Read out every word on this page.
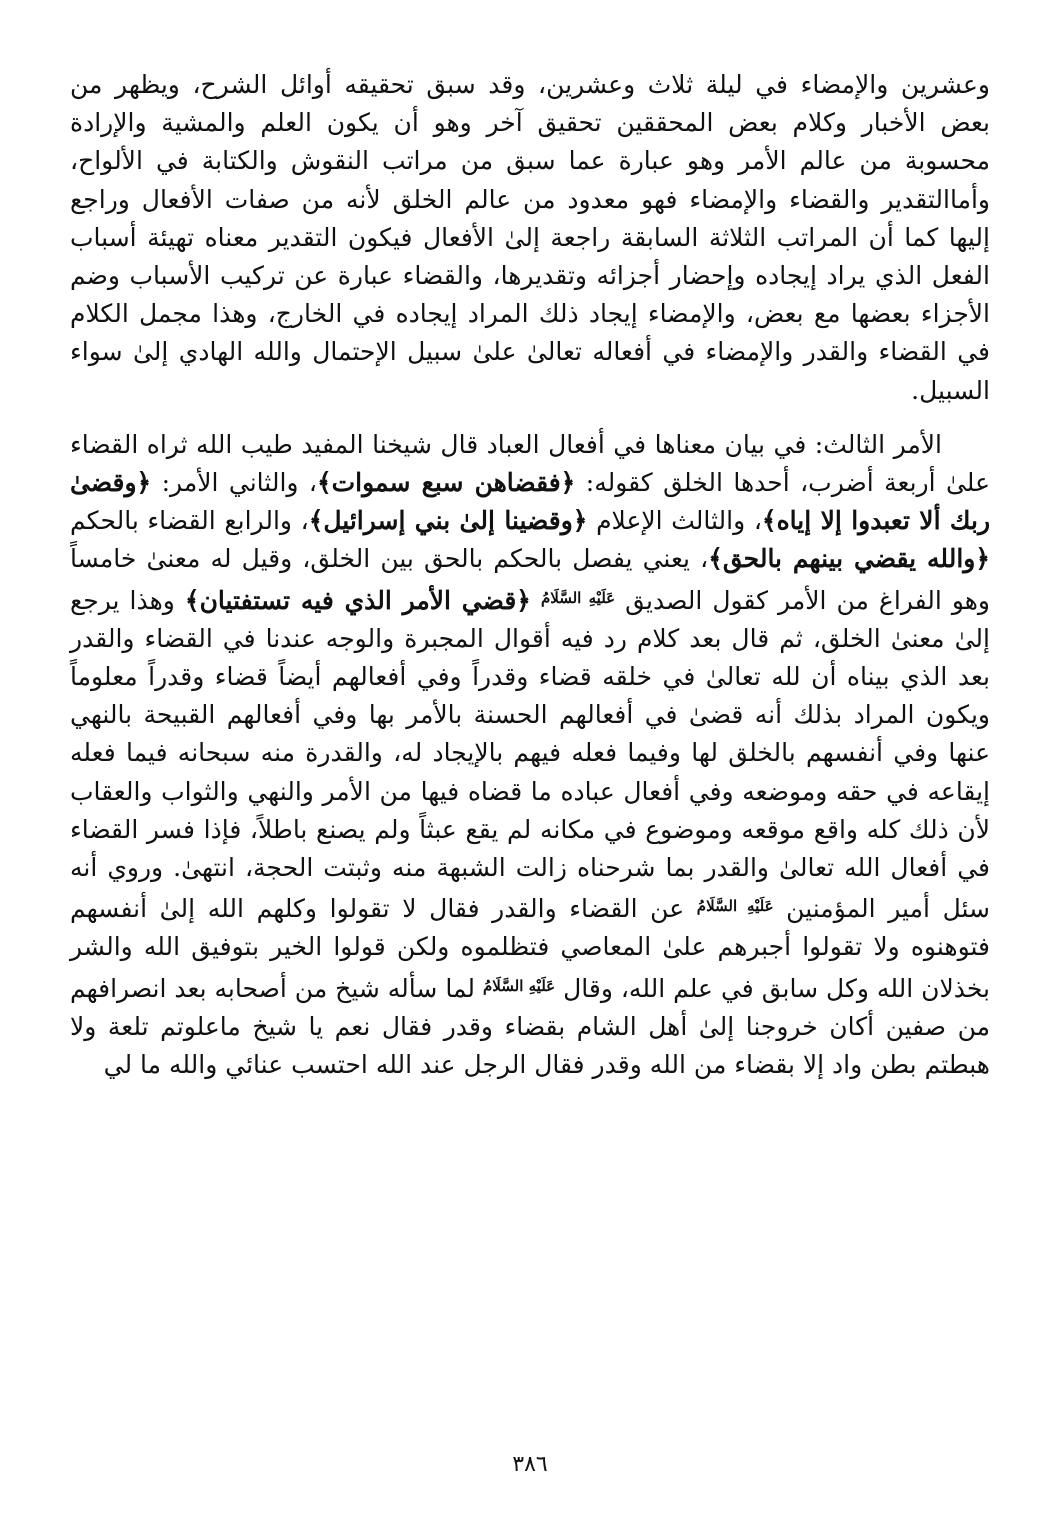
وعشرين والإمضاء في ليلة ثلاث وعشرين، وقد سبق تحقيقه أوائل الشرح، ويظهر من بعض الأخبار وكلام بعض المحققين تحقيق آخر وهو أن يكون العلم والمشية والإرادة محسوبة من عالم الأمر وهو عبارة عما سبق من مراتب النقوش والكتابة في الألواح، وأماالتقدير والقضاء والإمضاء فهو معدود من عالم الخلق لأنه من صفات الأفعال وراجع إليها كما أن المراتب الثلاثة السابقة راجعة إلىٰ الأفعال فيكون التقدير معناه تهيئة أسباب الفعل الذي يراد إيجاده وإحضار أجزائه وتقديرها، والقضاء عبارة عن تركيب الأسباب وضم الأجزاء بعضها مع بعض، والإمضاء إيجاد ذلك المراد إيجاده في الخارج، وهذا مجمل الكلام في القضاء والقدر والإمضاء في أفعاله تعالىٰ علىٰ سبيل الإحتمال والله الهادي إلىٰ سواء السبيل.

الأمر الثالث: في بيان معناها في أفعال العباد قال شيخنا المفيد طيب الله ثراه القضاء علىٰ أربعة أضرب، أحدها الخلق كقوله: ﴿فقضاهن سبع سموات﴾، والثاني الأمر: ﴿وقضىٰ ربك ألا تعبدوا إلا إياه﴾، والثالث الإعلام ﴿وقضينا إلىٰ بني إسرائيل﴾، والرابع القضاء بالحكم ﴿والله يقضي بينهم بالحق﴾، يعني يفصل بالحكم بالحق بين الخلق، وقيل له معنىٰ خامساً وهو الفراغ من الأمر كقول الصديق $^{عَلَيْهِ السَّلَامُ}$ ﴿قضي الأمر الذي فيه تستفتيان﴾ وهذا يرجع إلىٰ معنىٰ الخلق، ثم قال بعد كلام رد فيه أقوال المجبرة والوجه عندنا في القضاء والقدر بعد الذي بيناه أن لله تعالىٰ في خلقه قضاء وقدراً وفي أفعالهم أيضاً قضاء وقدراً معلوماً ويكون المراد بذلك أنه قضىٰ في أفعالهم الحسنة بالأمر بها وفي أفعالهم القبيحة بالنهي عنها وفي أنفسهم بالخلق لها وفيما فعله فيهم بالإيجاد له، والقدرة منه سبحانه فيما فعله إيقاعه في حقه وموضعه وفي أفعال عباده ما قضاه فيها من الأمر والنهي والثواب والعقاب لأن ذلك كله واقع موقعه وموضوع في مكانه لم يقع عبثاً ولم يصنع باطلاً، فإذا فسر القضاء في أفعال الله تعالىٰ والقدر بما شرحناه زالت الشبهة منه وثبتت الحجة، انتهىٰ. وروي أنه سئل أمير المؤمنين $^{عَلَيْهِ السَّلَامُ}$ عن القضاء والقدر فقال لا تقولوا وكلهم الله إلىٰ أنفسهم فتوهنوه ولا تقولوا أجبرهم علىٰ المعاصي فتظلموه ولكن قولوا الخير بتوفيق الله والشر بخذلان الله وكل سابق في علم الله، وقال $^{عَلَيْهِ السَّلَامُ}$ لما سأله شيخ من أصحابه بعد انصرافهم من صفين أكان خروجنا إلىٰ أهل الشام بقضاء وقدر فقال نعم يا شيخ ماعلوتم تلعة ولا هبطتم بطن واد إلا بقضاء من الله وقدر فقال الرجل عند الله احتسب عنائي والله ما لي

٣٨٦
